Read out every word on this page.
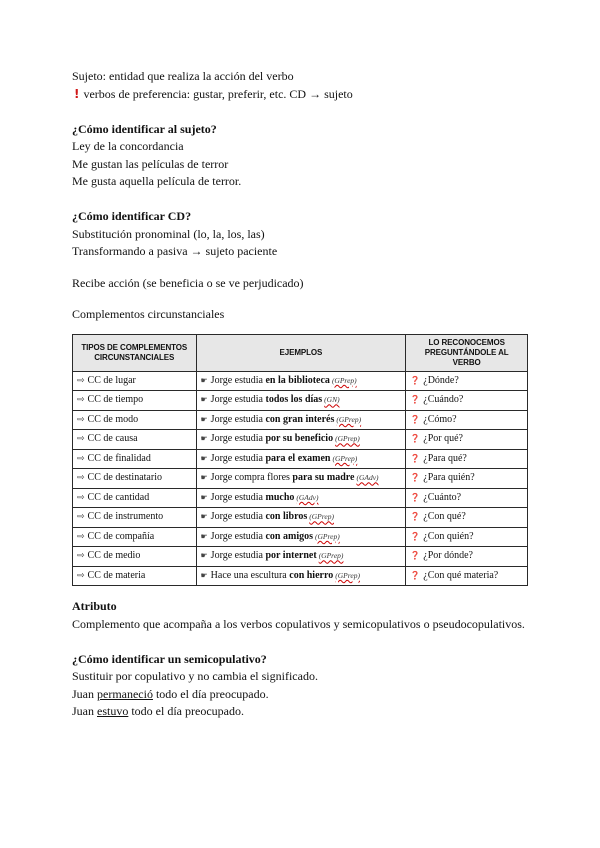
Sujeto: entidad que realiza la acción del verbo
! verbos de preferencia: gustar, preferir, etc. CD → sujeto
¿Cómo identificar al sujeto?
Ley de la concordancia
Me gustan las películas de terror
Me gusta aquella película de terror.
¿Cómo identificar CD?
Substitución pronominal (lo, la, los, las)
Transformando a pasiva → sujeto paciente
Recibe acción (se beneficia o se ve perjudicado)
Complementos circunstanciales
TIPOS DE COMPLEMENTOS CIRCUNSTANCIALES	EJEMPLOS	LO RECONOCEMOS PREGUNTÁNDOLE AL VERBO
⇨ CC de lugar	☛ Jorge estudia en la biblioteca (GPrep)	❓ ¿Dónde?
⇨ CC de tiempo	☛ Jorge estudia todos los días (GN)	❓ ¿Cuándo?
⇨ CC de modo	☛ Jorge estudia con gran interés (GPrep)	❓ ¿Cómo?
⇨ CC de causa	☛ Jorge estudia por su beneficio (GPrep)	❓ ¿Por qué?
⇨ CC de finalidad	☛ Jorge estudia para el examen (GPrep)	❓ ¿Para qué?
⇨ CC de destinatario	☛ Jorge compra flores para su madre (GAdv)	❓ ¿Para quién?
⇨ CC de cantidad	☛ Jorge estudia mucho (GAdv)	❓ ¿Cuánto?
⇨ CC de instrumento	☛ Jorge estudia con libros (GPrep)	❓ ¿Con qué?
⇨ CC de compañía	☛ Jorge estudia con amigos (GPrep)	❓ ¿Con quién?
⇨ CC de medio	☛ Jorge estudia por internet (GPrep)	❓ ¿Por dónde?
⇨ CC de materia	☛ Hace una escultura con hierro (GPrep)	❓ ¿Con qué materia?
Atributo
Complemento que acompaña a los verbos copulativos y semicopulativos o pseudocopulativos.
¿Cómo identificar un semicopulativo?
Sustituir por copulativo y no cambia el significado.
Juan permaneció todo el día preocupado.
Juan estuvo todo el día preocupado.
